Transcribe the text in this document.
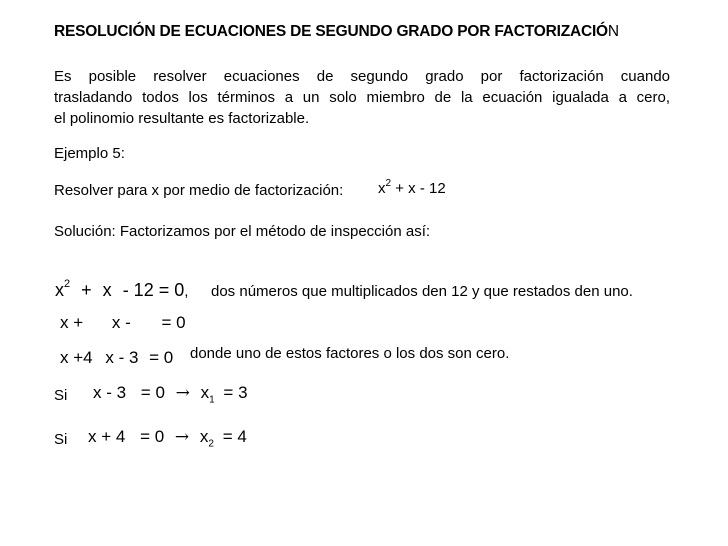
RESOLUCIÓN DE ECUACIONES DE SEGUNDO GRADO POR FACTORIZACIÓN
Es posible resolver ecuaciones de segundo grado por factorización cuando
trasladando todos los términos a un solo miembro de la ecuación igualada a cero,
el polinomio resultante es factorizable.
Ejemplo 5:
Resolver para x por medio de factorización: $x^2 + x - 12$
Solución: Factorizamos por el método de inspección así:
$x^2 + x - 12 = 0$, dos números que multiplicados den 12 y que restados den uno.
x + x - = 0
x +4 x - 3 = 0 donde uno de estos factores o los dos son cero.
Si $x - 3 = 0 \to x_1 = 3$
Si $x + 4 = 0 \to x_2 = 4$
